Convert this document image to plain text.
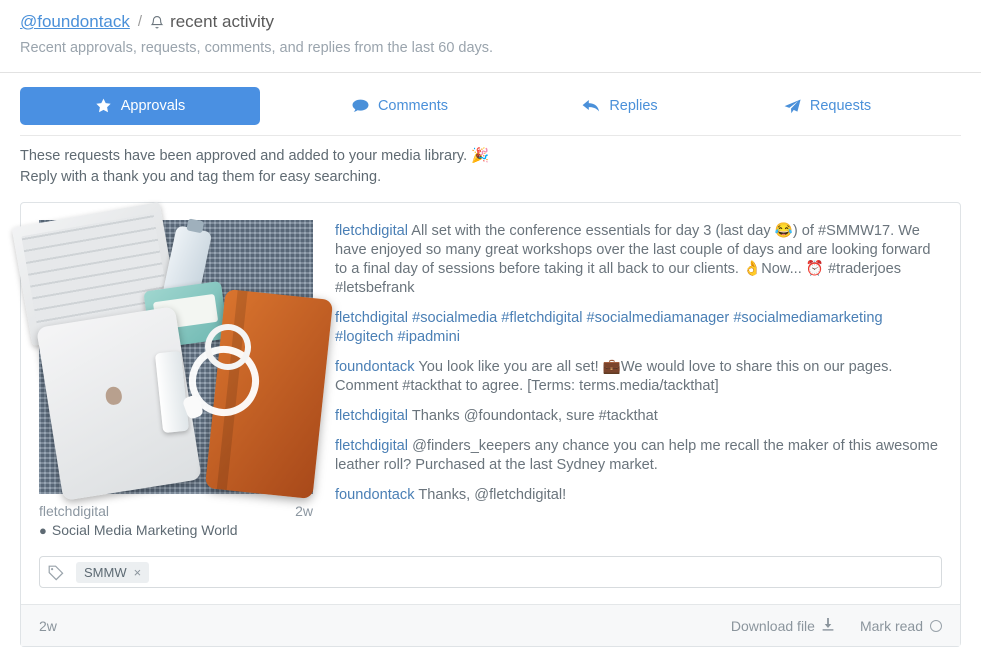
@foundontack / recent activity
Recent approvals, requests, comments, and replies from the last 60 days.
Approvals	Comments	Replies	Requests
These requests have been approved and added to your media library. 🎉
Reply with a thank you and tag them for easy searching.
fletchdigital	2w
● Social Media Marketing World
fletchdigital All set with the conference essentials for day 3 (last day 😂) of #SMMW17. We have enjoyed so many great workshops over the last couple of days and are looking forward to a final day of sessions before taking it all back to our clients. 👌Now... ⏰ #traderjoes #letsbefrank
fletchdigital #socialmedia #fletchdigital #socialmediamanager #socialmediamarketing #logitech #ipadmini
foundontack You look like you are all set! 💼We would love to share this on our pages. Comment #tackthat to agree. [Terms: terms.media/tackthat]
fletchdigital Thanks @foundontack, sure #tackthat
fletchdigital @finders_keepers any chance you can help me recall the maker of this awesome leather roll? Purchased at the last Sydney market.
foundontack Thanks, @fletchdigital!
SMMW ×
2w	Download file	Mark read
